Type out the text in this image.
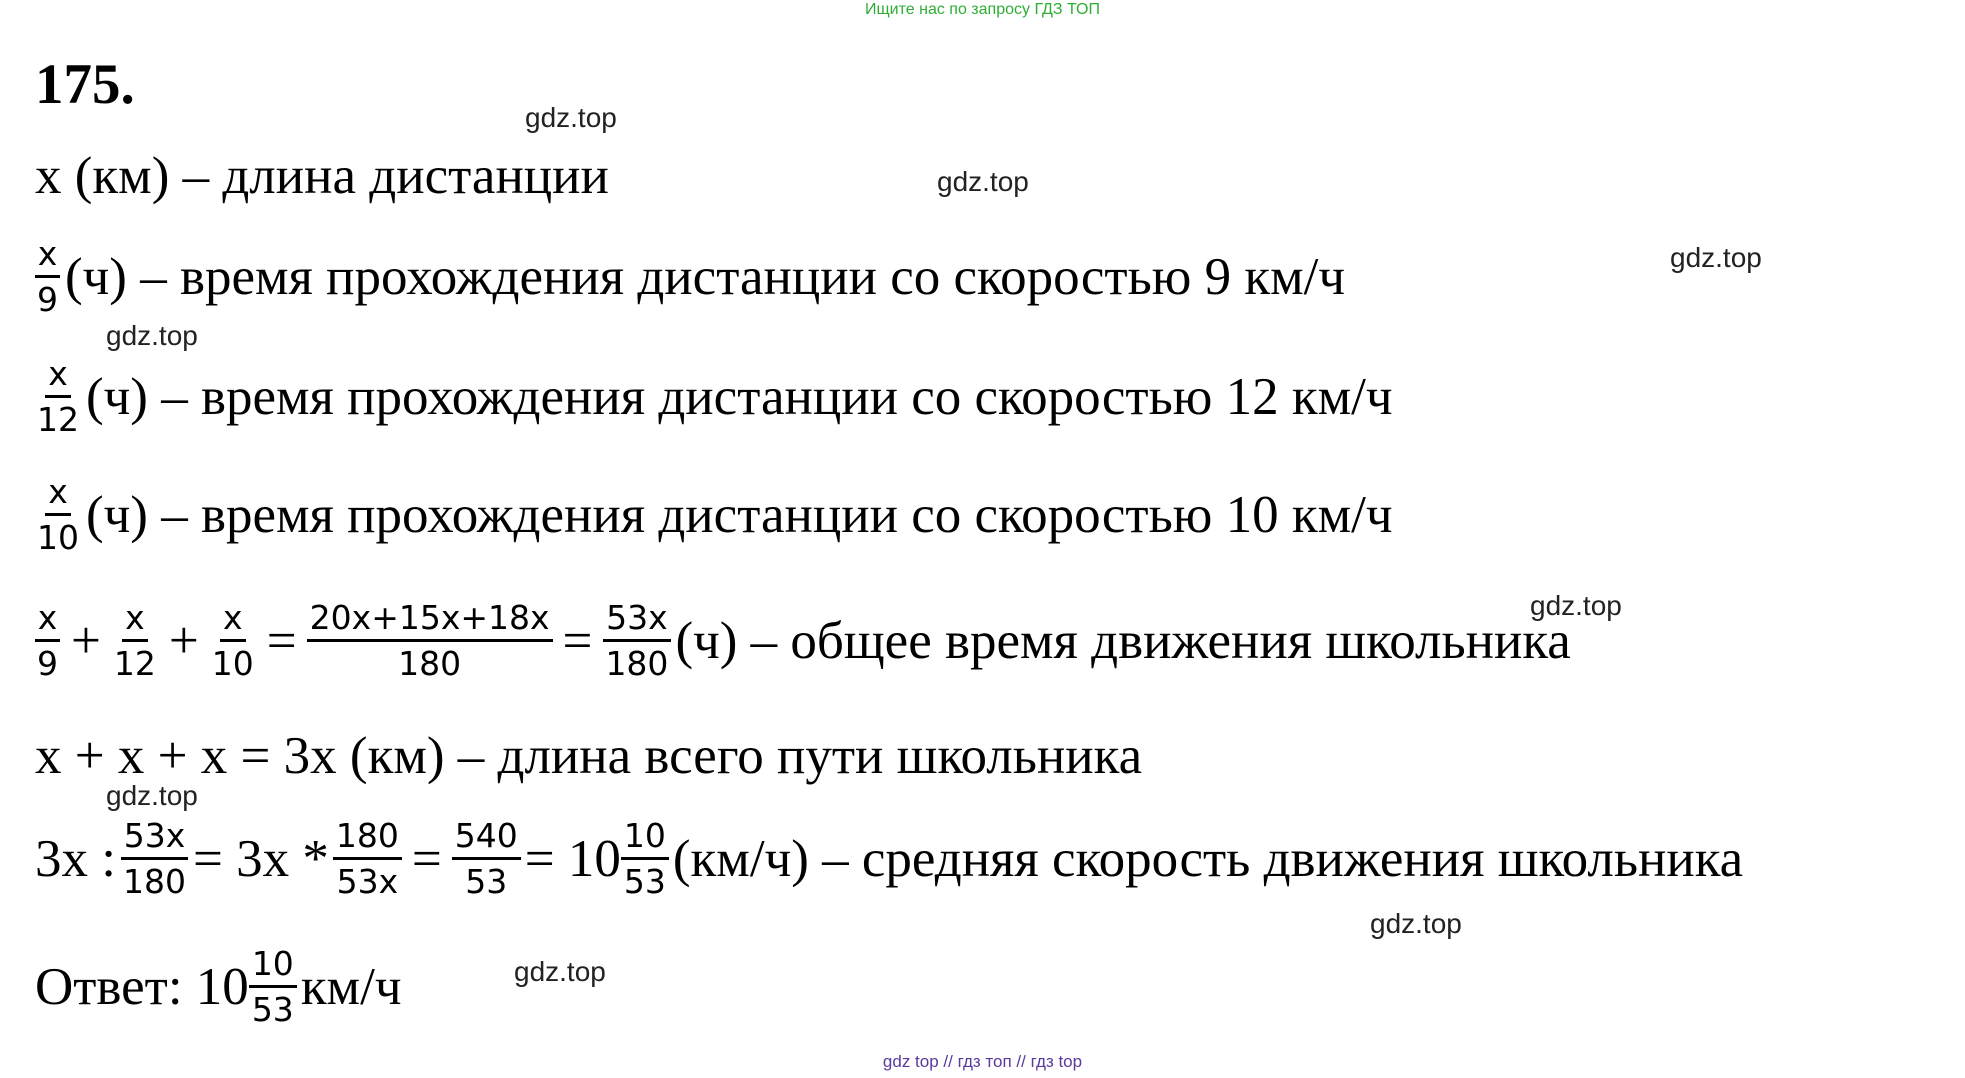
Ищите нас по запросу ГДЗ ТОП
175.
x (км) – длина дистанции
$\frac{x}{9} (ч)$ – время прохождения дистанции со скоростью 9 км/ч
$\frac{x}{12} (ч)$ – время прохождения дистанции со скоростью 12 км/ч
$\frac{x}{10} (ч)$ – время прохождения дистанции со скоростью 10 км/ч
$\frac{x}{9} + \frac{x}{12} + \frac{x}{10} = \frac{20x+15x+18x}{180} = \frac{53x}{180} (ч)$ – общее время движения школьника
x + x + x = 3x (км) – длина всего пути школьника
3x : $\frac{53x}{180} = 3x * \frac{180}{53x} = \frac{540}{53} = 10 \frac{10}{53} (км/ч)$ – средняя скорость движения школьника
Ответ: $10 \frac{10}{53} км/ч$
gdz.top
gdz.top
gdz.top
gdz.top
gdz.top
gdz.top
gdz.top
gdz.top
gdz top // гдз топ // гдз top
